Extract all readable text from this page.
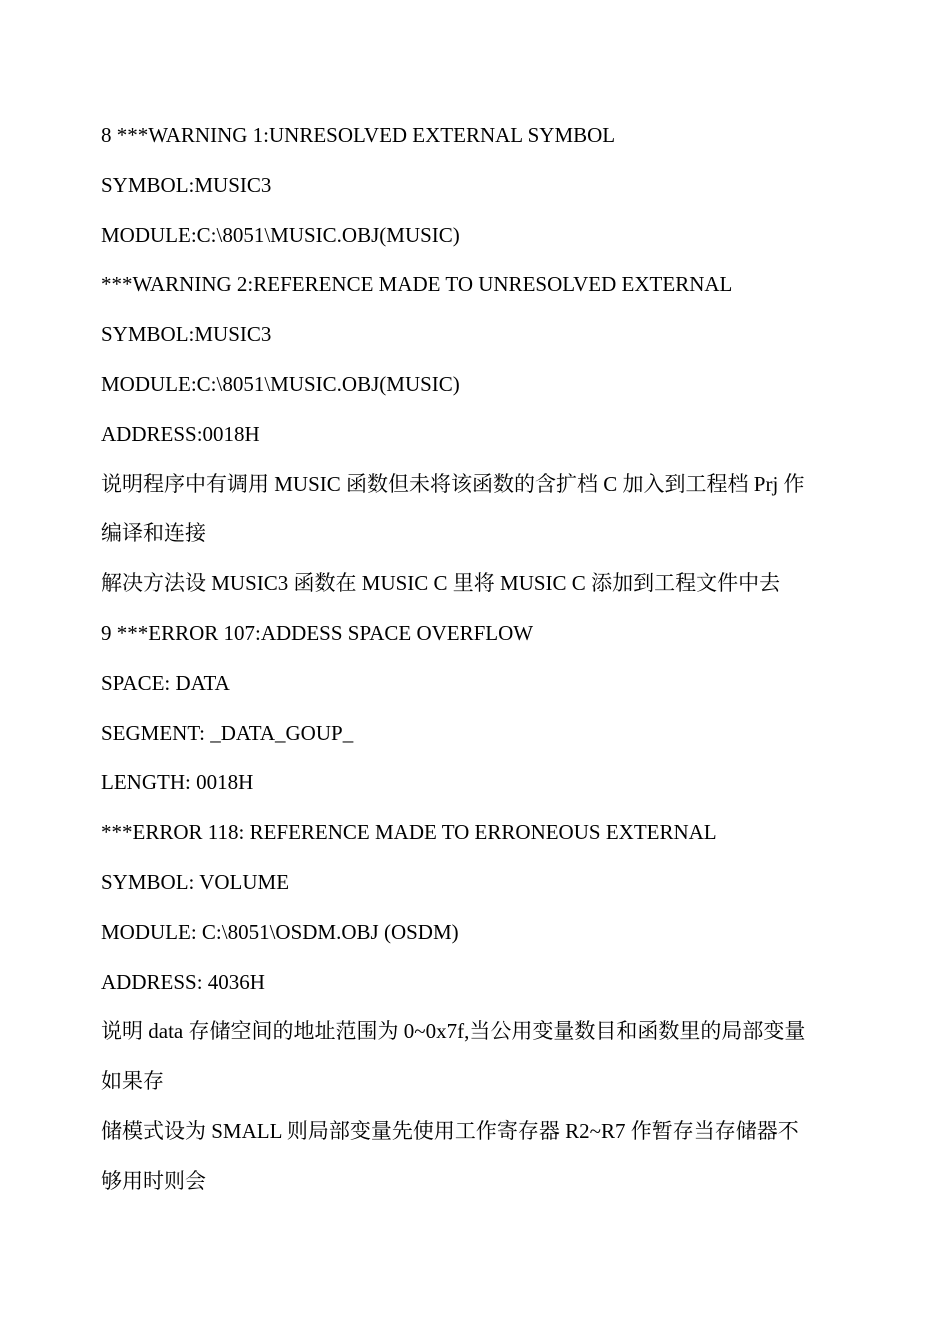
8 ***WARNING 1:UNRESOLVED EXTERNAL SYMBOL
SYMBOL:MUSIC3
MODULE:C:\8051\MUSIC.OBJ(MUSIC)
***WARNING 2:REFERENCE MADE TO UNRESOLVED EXTERNAL
SYMBOL:MUSIC3
MODULE:C:\8051\MUSIC.OBJ(MUSIC)
ADDRESS:0018H
说明程序中有调用 MUSIC 函数但未将该函数的含扩档 C 加入到工程档 Prj 作
编译和连接
解决方法设 MUSIC3 函数在 MUSIC C 里将 MUSIC C 添加到工程文件中去
9 ***ERROR 107:ADDESS SPACE OVERFLOW
SPACE: DATA
SEGMENT: _DATA_GOUP_
LENGTH: 0018H
***ERROR 118: REFERENCE MADE TO ERRONEOUS EXTERNAL
SYMBOL: VOLUME
MODULE: C:\8051\OSDM.OBJ (OSDM)
ADDRESS: 4036H
说明 data 存储空间的地址范围为 0~0x7f,当公用变量数目和函数里的局部变量
如果存
储模式设为 SMALL 则局部变量先使用工作寄存器 R2~R7 作暂存当存储器不
够用时则会
